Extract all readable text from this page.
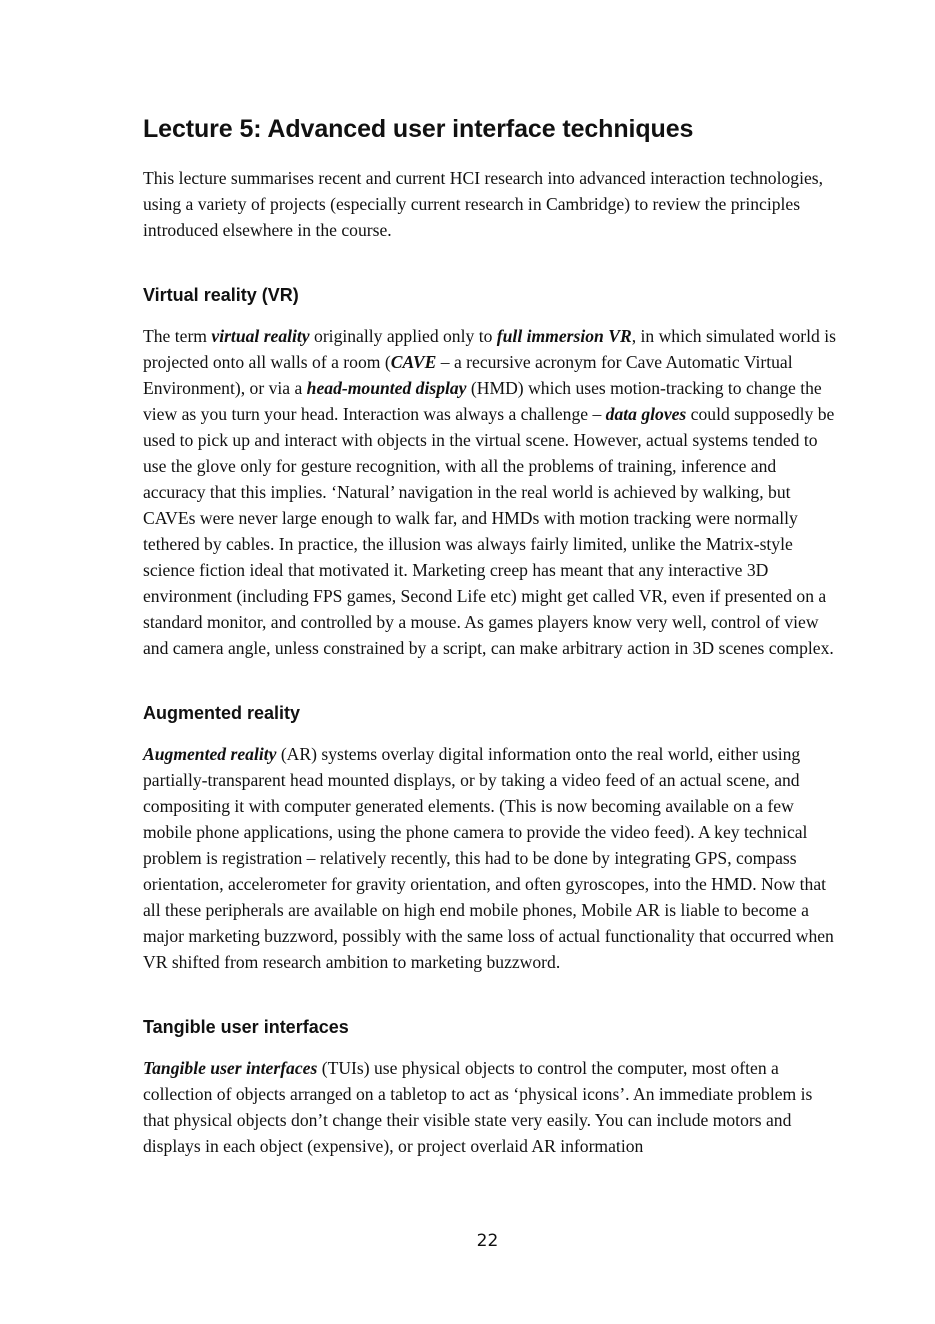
Lecture 5: Advanced user interface techniques

This lecture summarises recent and current HCI research into advanced interaction technologies, using a variety of projects (especially current research in Cambridge) to review the principles introduced elsewhere in the course.

Virtual reality (VR)

The term virtual reality originally applied only to full immersion VR, in which simulated world is projected onto all walls of a room (CAVE – a recursive acronym for Cave Automatic Virtual Environment), or via a head-mounted display (HMD) which uses motion-tracking to change the view as you turn your head. Interaction was always a challenge – data gloves could supposedly be used to pick up and interact with objects in the virtual scene. However, actual systems tended to use the glove only for gesture recognition, with all the problems of training, inference and accuracy that this implies. ‘Natural’ navigation in the real world is achieved by walking, but CAVEs were never large enough to walk far, and HMDs with motion tracking were normally tethered by cables. In practice, the illusion was always fairly limited, unlike the Matrix-style science fiction ideal that motivated it. Marketing creep has meant that any interactive 3D environment (including FPS games, Second Life etc) might get called VR, even if presented on a standard monitor, and controlled by a mouse. As games players know very well, control of view and camera angle, unless constrained by a script, can make arbitrary action in 3D scenes complex.

Augmented reality

Augmented reality (AR) systems overlay digital information onto the real world, either using partially-transparent head mounted displays, or by taking a video feed of an actual scene, and compositing it with computer generated elements. (This is now becoming available on a few mobile phone applications, using the phone camera to provide the video feed). A key technical problem is registration – relatively recently, this had to be done by integrating GPS, compass orientation, accelerometer for gravity orientation, and often gyroscopes, into the HMD. Now that all these peripherals are available on high end mobile phones, Mobile AR is liable to become a major marketing buzzword, possibly with the same loss of actual functionality that occurred when VR shifted from research ambition to marketing buzzword.

Tangible user interfaces

Tangible user interfaces (TUIs) use physical objects to control the computer, most often a collection of objects arranged on a tabletop to act as ‘physical icons’. An immediate problem is that physical objects don’t change their visible state very easily. You can include motors and displays in each object (expensive), or project overlaid AR information

22
